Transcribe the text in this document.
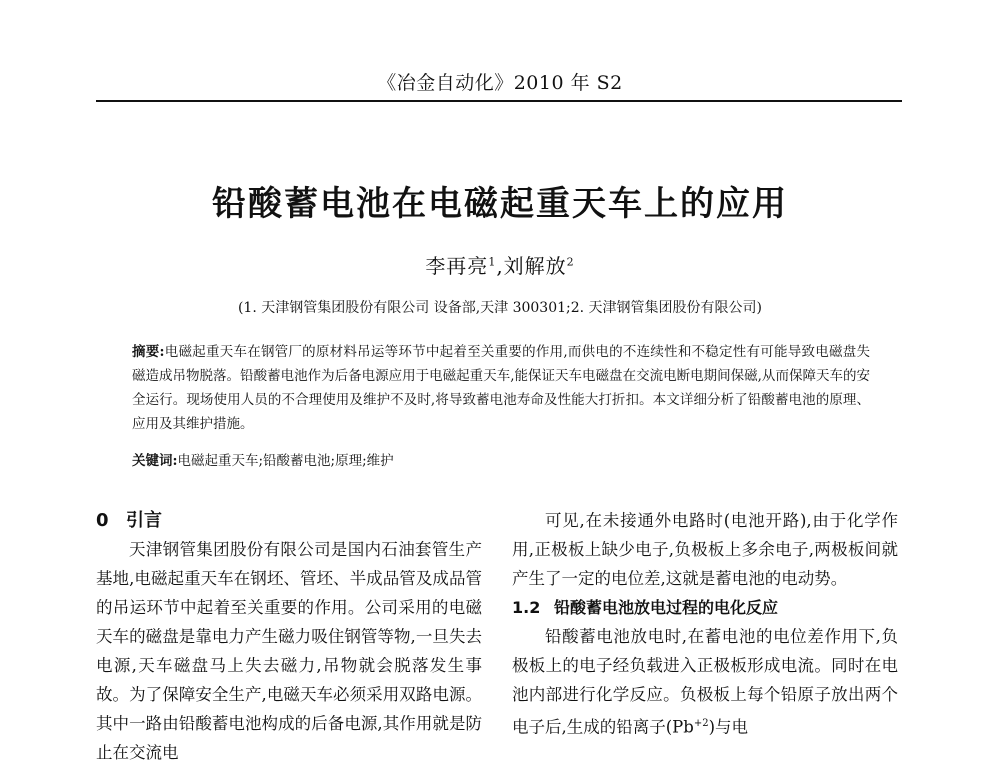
《冶金自动化》2010 年 S2
铅酸蓄电池在电磁起重天车上的应用
李再亮$^1$,刘解放$^2$
(1. 天津钢管集团股份有限公司 设备部,天津 300301;2. 天津钢管集团股份有限公司)
摘要:电磁起重天车在钢管厂的原材料吊运等环节中起着至关重要的作用,而供电的不连续性和不稳定性有可能导致电磁盘失磁造成吊物脱落。铅酸蓄电池作为后备电源应用于电磁起重天车,能保证天车电磁盘在交流电断电期间保磁,从而保障天车的安全运行。现场使用人员的不合理使用及维护不及时,将导致蓄电池寿命及性能大打折扣。本文详细分析了铅酸蓄电池的原理、应用及其维护措施。
关键词:电磁起重天车;铅酸蓄电池;原理;维护
0 引言

天津钢管集团股份有限公司是国内石油套管生产基地,电磁起重天车在钢坯、管坯、半成品管及成品管的吊运环节中起着至关重要的作用。公司采用的电磁天车的磁盘是靠电力产生磁力吸住钢管等物,一旦失去电源,天车磁盘马上失去磁力,吊物就会脱落发生事故。为了保障安全生产,电磁天车必须采用双路电源。其中一路由铅酸蓄电池构成的后备电源,其作用就是防止在交流电

可见,在未接通外电路时(电池开路),由于化学作用,正极板上缺少电子,负极板上多余电子,两极板间就产生了一定的电位差,这就是蓄电池的电动势。

1.2 铅酸蓄电池放电过程的电化反应

铅酸蓄电池放电时,在蓄电池的电位差作用下,负极板上的电子经负载进入正极板形成电流。同时在电池内部进行化学反应。负极板上每个铅原子放出两个电子后,生成的铅离子$(Pb^{+2})$与电
